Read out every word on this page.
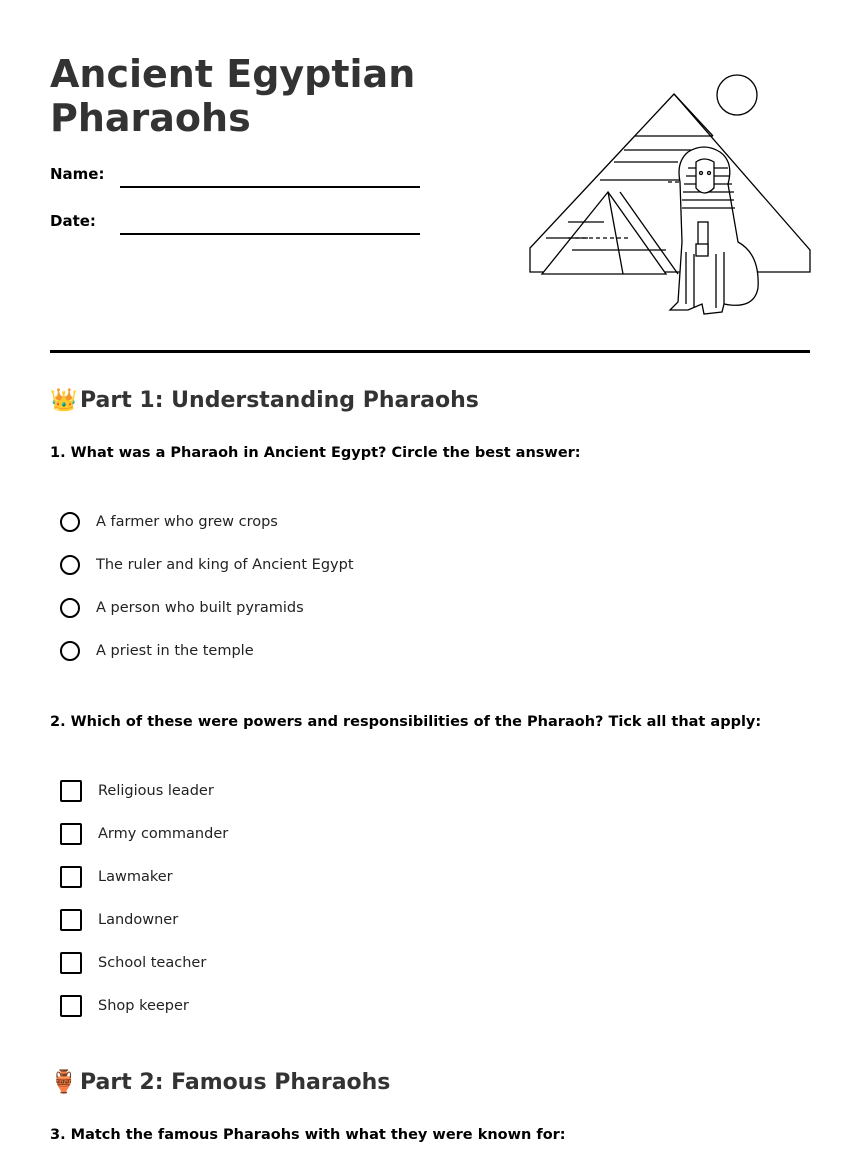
Ancient Egyptian
Pharaohs
Name:
Date:
👑 Part 1: Understanding Pharaohs
1. What was a Pharaoh in Ancient Egypt? Circle the best answer:
A farmer who grew crops
The ruler and king of Ancient Egypt
A person who built pyramids
A priest in the temple
2. Which of these were powers and responsibilities of the Pharaoh? Tick all that apply:
Religious leader
Army commander
Lawmaker
Landowner
School teacher
Shop keeper
🏺 Part 2: Famous Pharaohs
3. Match the famous Pharaohs with what they were known for:
